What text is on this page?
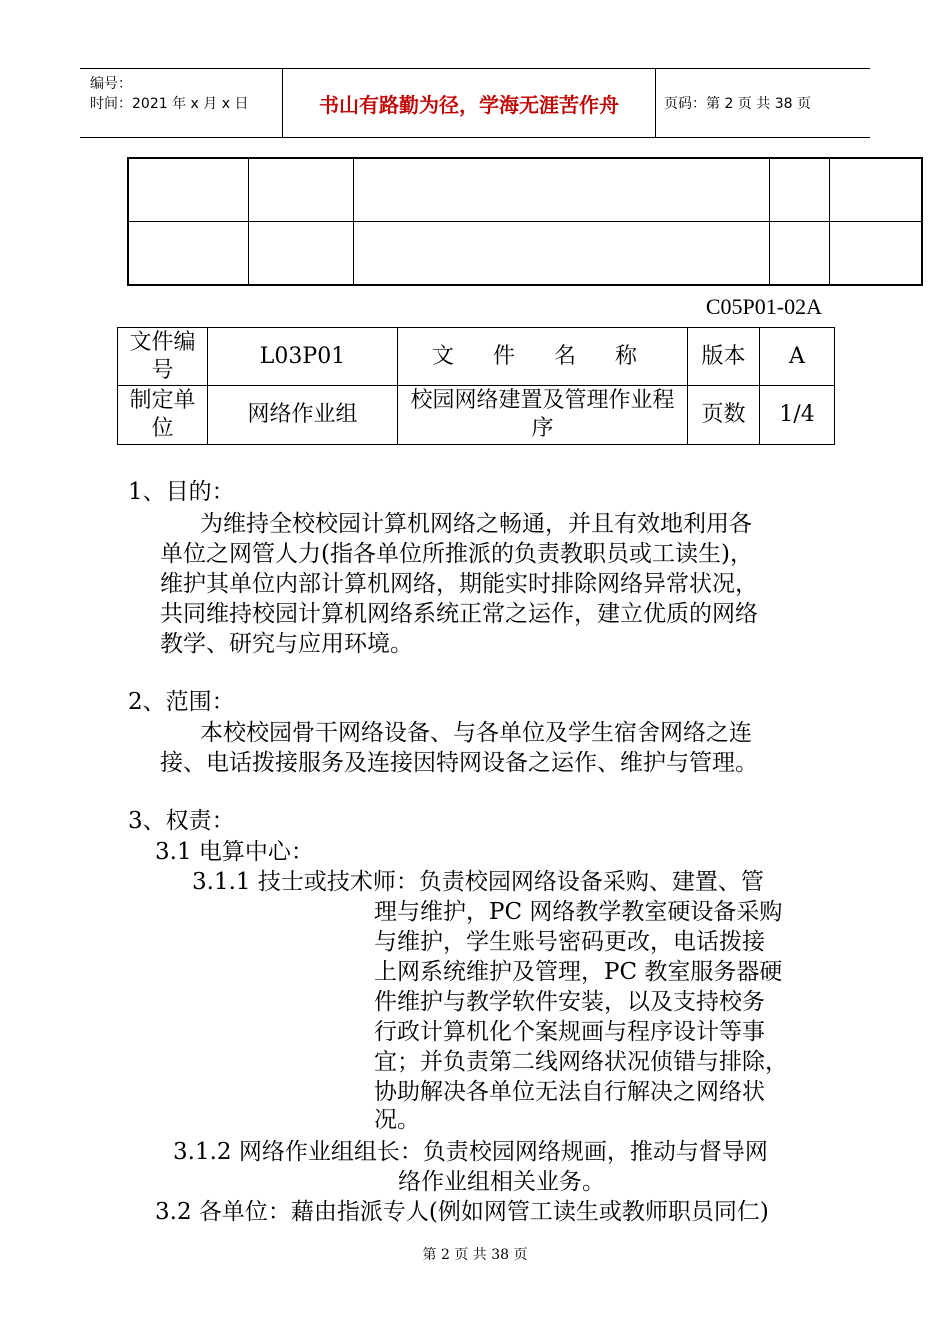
编号：
时间：2021 年 x 月 x 日	书山有路勤为径，学海无涯苦作舟	页码：第 2 页 共 38 页

C05P01-02A
文件编号	L03P01	文 件 名 称	版本	A
制定单位	网络作业组	校园网络建置及管理作业程序	页数	1/4
1、目的：
为维持全校校园计算机网络之畅通，并且有效地利用各
单位之网管人力(指各单位所推派的负责教职员或工读生)，
维护其单位内部计算机网络，期能实时排除网络异常状况，
共同维持校园计算机网络系统正常之运作，建立优质的网络
教学、研究与应用环境。
2、范围：
本校校园骨干网络设备、与各单位及学生宿舍网络之连
接、电话拨接服务及连接因特网设备之运作、维护与管理。
3、权责：
3.1 电算中心：
3.1.1 技士或技术师：负责校园网络设备采购、建置、管
理与维护，PC 网络教学教室硬设备采购
与维护，学生账号密码更改，电话拨接
上网系统维护及管理，PC 教室服务器硬
件维护与教学软件安装，以及支持校务
行政计算机化个案规画与程序设计等事
宜；并负责第二线网络状况侦错与排除，
协助解决各单位无法自行解决之网络状
况。
3.1.2 网络作业组组长：负责校园网络规画，推动与督导网
络作业组相关业务。
3.2 各单位：藉由指派专人(例如网管工读生或教师职员同仁)
第 2 页 共 38 页
